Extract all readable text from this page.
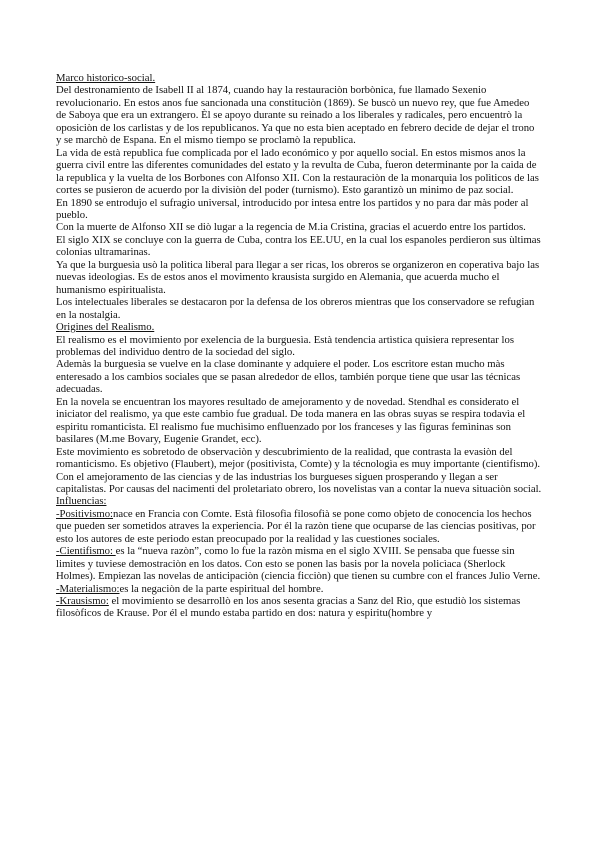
Marco historico-social.

Del destronamiento de Isabell II al 1874, cuando hay la restauraciòn borbònica, fue llamado Sexenio revolucionario. En estos anos fue sancionada una constituciòn (1869). Se buscò un nuevo rey, que fue Amedeo de Saboya que era un extrangero. Èl se apoyo durante su reinado a los liberales y radicales, pero encuentrò la oposiciòn de los carlistas y de los republicanos. Ya que no esta bien aceptado en febrero decide de dejar el trono y se marchò de Espana. En el mismo tiempo se proclamò la republica.

La vida de està republica fue complicada por el lado económico y por aquello social. En estos mismos anos la guerra civil entre las diferentes comunidades del estato y la revulta de Cuba, fueron determinante por la caida de la republica y la vuelta de los Borbones con Alfonso XII. Con la restauraciòn de la monarquìa los polìticos de las cortes se pusieron de acuerdo por la divisiòn del poder (turnismo). Esto garantizò un minimo de paz social.

En 1890 se entrodujo el sufragio universal, introducido por intesa entre los partidos y no para dar màs poder al pueblo.

Con la muerte de Alfonso XII se diò lugar a la regencia de M.ia Cristina, gracias el acuerdo entre los partidos.

El siglo XIX se concluye con la guerra de Cuba, contra los EE.UU, en la cual los espanoles perdieron sus ùltimas colonias ultramarinas.

Ya que la burguesìa usò la polìtica liberal para llegar a ser ricas, los obreros se organizeron en coperativa bajo las nuevas ideologìas. Es de estos anos el movimento krausista surgido en Alemania, que acuerda mucho el humanismo espiritualista.

Los intelectuales liberales se destacaron por la defensa de los obreros mientras que los conservadore se refugian en la nostalgia.

Origines del Realismo.

El realismo es el movimiento por exelencia de la burguesìa. Està tendencia artìstica quisiera representar los problemas del individuo dentro de la sociedad del siglo.

Ademàs la burguesìa se vuelve en la clase dominante y adquiere el poder. Los escritore estan mucho màs enteresado a los cambios sociales que se pasan alrededor de ellos, también porque tiene que usar las técnicas adecuadas.

En la novela se encuentran los mayores resultado de amejoramento y de novedad. Stendhal es considerato el iniciator del realismo, ya que este cambio fue gradual. De toda manera en las obras suyas se respira todavìa el espiritu romanticista. El realismo fue muchìsimo enfluenzado por los franceses y las figuras femìninas son basilares (M.me Bovary, Eugenie Grandet, ecc).

Este movimiento es sobretodo de observaciòn y descubrimiento de la realidad, que contrasta la evasiòn del romanticismo. Es objetivo (Flaubert), mejor (positivista, Comte) y la técnologìa es muy importante (cientifismo).

Con el amejoramento de las ciencias y de las industrias los burgueses siguen prosperando y llegan a ser capitalistas. Por causas del nacimenti del proletariato obrero, los novelistas van a contar la nueva situaciòn social.

Influencias:

-Positivismo:nace en Francia con Comte. Està filosofìa filosofìà se pone como objeto de conocencia los hechos que pueden ser sometidos atraves la experiencia. Por él la razòn tiene que ocuparse de las ciencias positivas, por esto los autores de este periodo estan preocupado por la realidad y las cuestiones sociales.

-Cientifismo: es la “nueva razòn”, como lo fue la razòn misma en el siglo XVIII. Se pensaba que fuesse sin limites y tuviese demostraciòn en los datos. Con esto se ponen las basis por la novela policìaca (Sherlock Holmes). Empiezan las novelas de anticipaciòn (ciencia ficciòn) que tienen su cumbre con el frances Julio Verne.

-Materialismo:es la negaciòn de la parte espiritual del hombre.

-Krausismo: el movimiento se desarrollò en los anos sesenta gracias a Sanz del Rìo, que estudiò los sistemas filosòficos de Krause. Por él el mundo estaba partido en dos: natura y espiritu(hombre y
